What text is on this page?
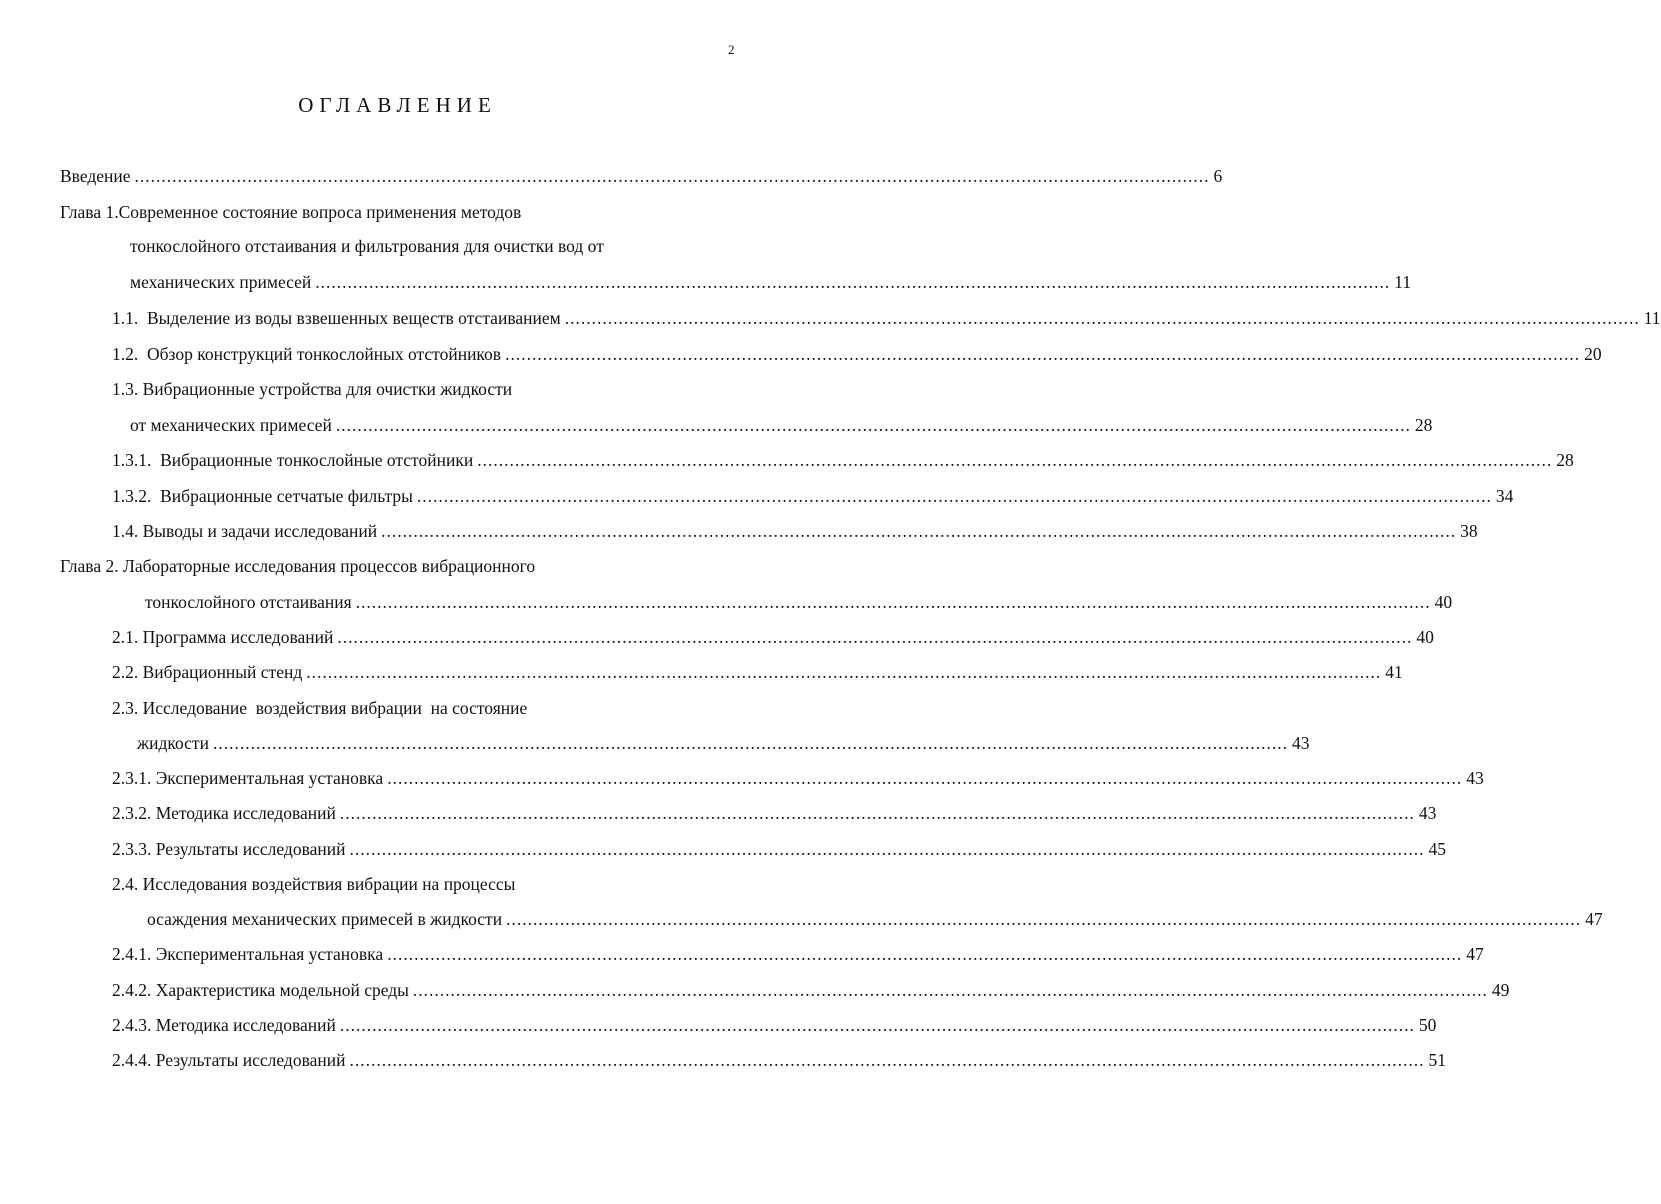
2
ОГЛАВЛЕНИЕ
Введение ........................................................................................................................................................................................................ 6
Глава 1.Современное состояние вопроса применения методов
тонкослойного отстаивания и фильтрования для очистки вод от
механических примесей ........................................................................................................................................................................................................ 11
1.1.  Выделение из воды взвешенных веществ отстаиванием ........................................................................................................................................................................................................ 11
1.2.  Обзор конструкций тонкослойных отстойников ........................................................................................................................................................................................................ 20
1.3. Вибрационные устройства для очистки жидкости
от механических примесей ........................................................................................................................................................................................................ 28
1.3.1.  Вибрационные тонкослойные отстойники ........................................................................................................................................................................................................ 28
1.3.2.  Вибрационные сетчатые фильтры ........................................................................................................................................................................................................ 34
1.4. Выводы и задачи исследований ........................................................................................................................................................................................................ 38
Глава 2. Лабораторные исследования процессов вибрационного
тонкослойного отстаивания ........................................................................................................................................................................................................ 40
2.1. Программа исследований ........................................................................................................................................................................................................ 40
2.2. Вибрационный стенд ........................................................................................................................................................................................................ 41
2.3. Исследование  воздействия вибрации  на состояние
жидкости ........................................................................................................................................................................................................ 43
2.3.1. Экспериментальная установка ........................................................................................................................................................................................................ 43
2.3.2. Методика исследований ........................................................................................................................................................................................................ 43
2.3.3. Результаты исследований ........................................................................................................................................................................................................ 45
2.4. Исследования воздействия вибрации на процессы
осаждения механических примесей в жидкости ........................................................................................................................................................................................................ 47
2.4.1. Экспериментальная установка ........................................................................................................................................................................................................ 47
2.4.2. Характеристика модельной среды ........................................................................................................................................................................................................ 49
2.4.3. Методика исследований ........................................................................................................................................................................................................ 50
2.4.4. Результаты исследований ........................................................................................................................................................................................................ 51
